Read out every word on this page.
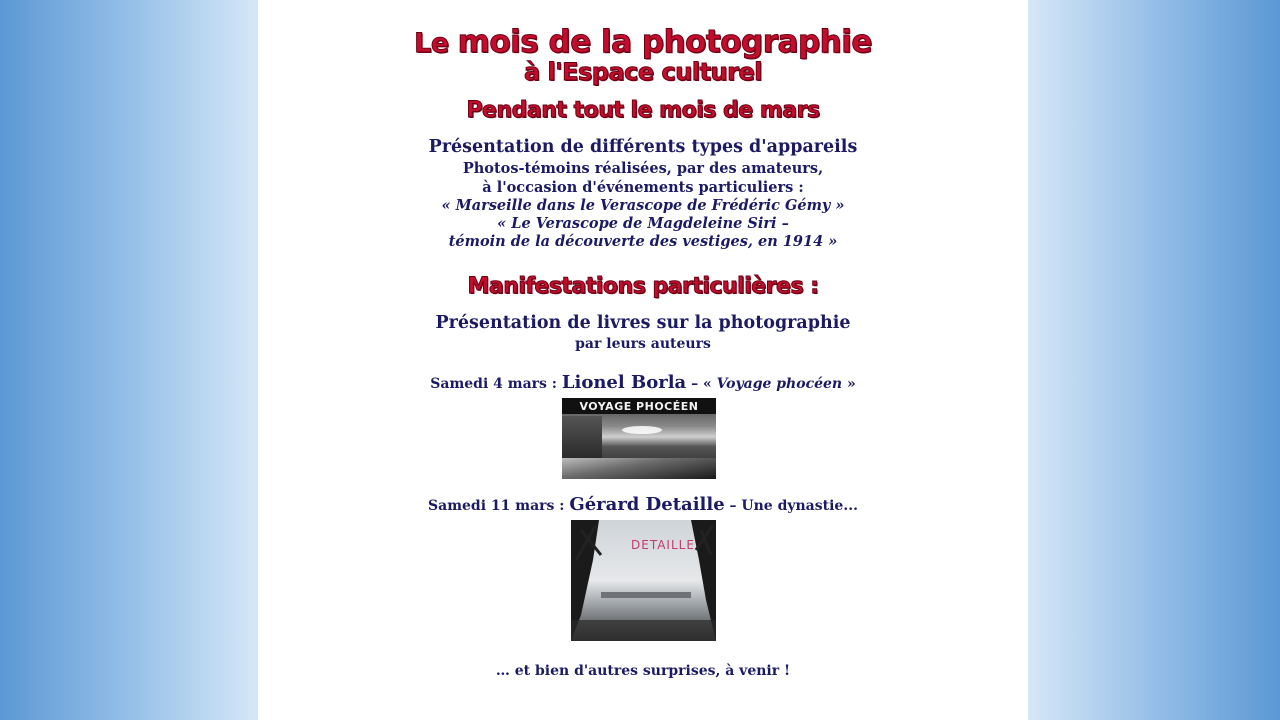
Le mois de la photographie
à l'Espace culturel
Pendant tout le mois de mars
Présentation de différents types d'appareils
Photos-témoins réalisées, par des amateurs,
à l'occasion d'événements particuliers :
« Marseille dans le Verascope de Frédéric Gémy »
« Le Verascope de Magdeleine Siri –
témoin de la découverte des vestiges, en 1914 »
Manifestations particulières :
Présentation de livres sur la photographie
par leurs auteurs
Samedi 4 mars : Lionel Borla – « Voyage phocéen »
VOYAGE PHOCÉEN
Samedi 11 mars : Gérard Detaille – Une dynastie...
DETAILLE
… et bien d'autres surprises, à venir !
